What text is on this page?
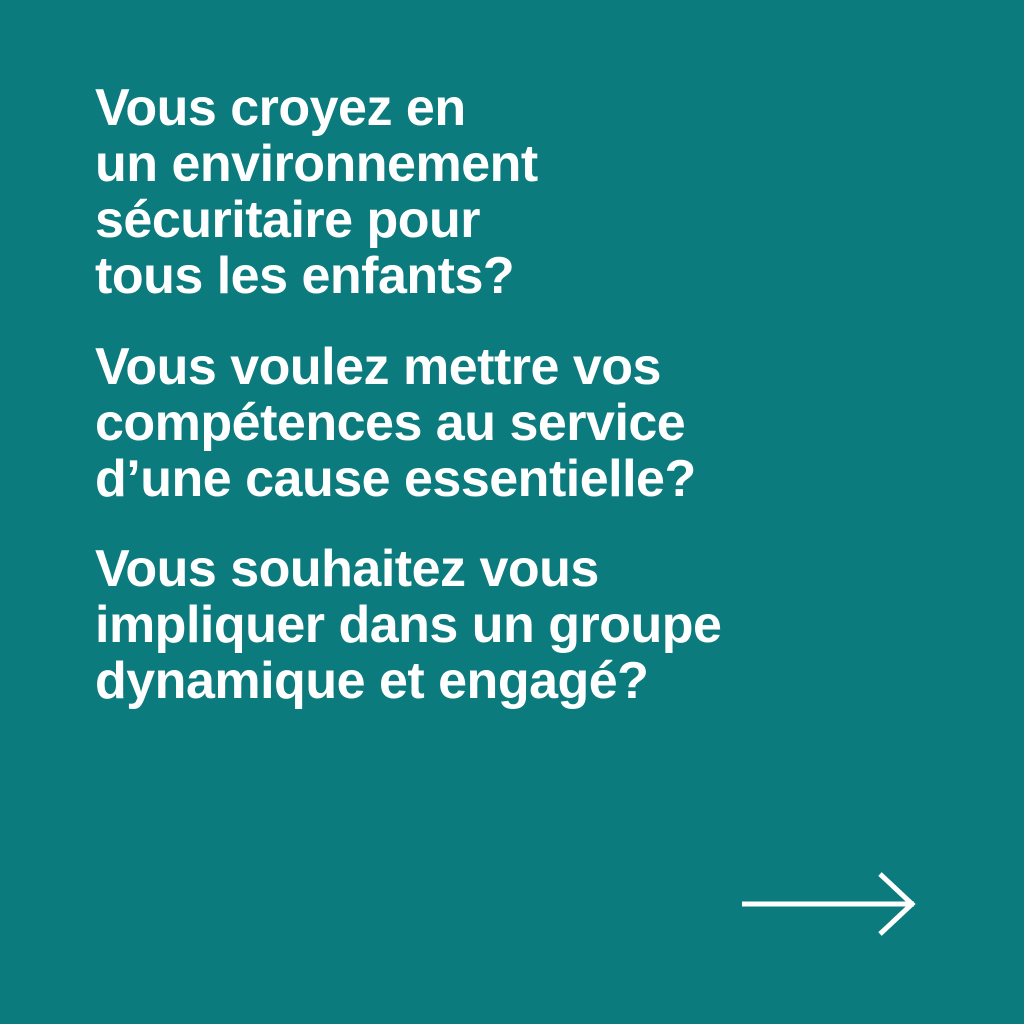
Vous croyez en

un environnement

sécuritaire pour

tous les enfants?

Vous voulez mettre vos

compétences au service

d’une cause essentielle?

Vous souhaitez vous

impliquer dans un groupe

dynamique et engagé?
